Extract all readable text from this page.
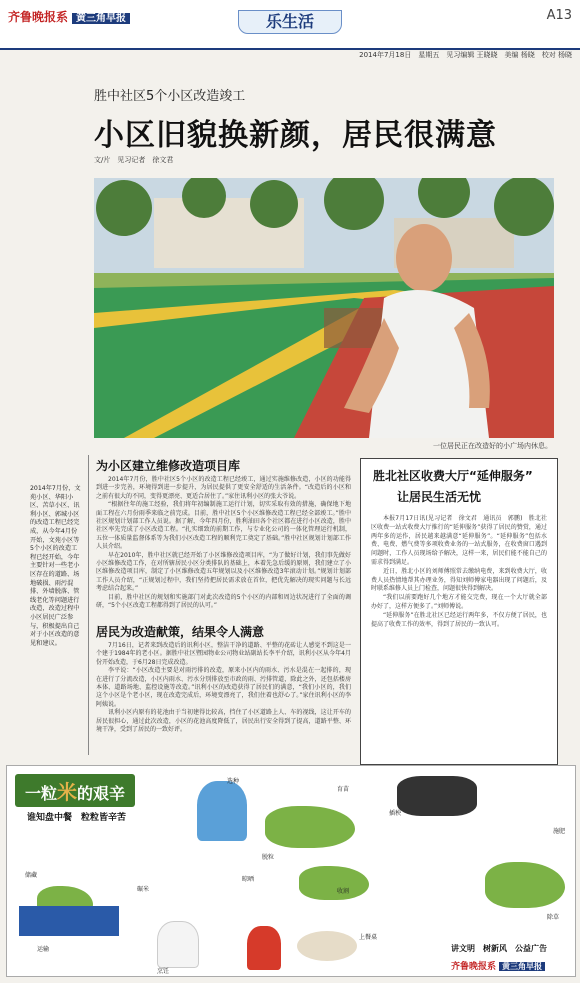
齐鲁晚报系 黄三角早报	乐生活	A13
2014年7月18日　星期五　见习编辑 王晓晓　美编 杨晓　校对 杨晓
胜中社区5个小区改造竣工
小区旧貌换新颜，居民很满意
文/片　见习记者　徐文君
一位居民正在改造好的小广场内休息。
2014年7月份，文苑小区、华阳小区、苦草小区、讯利小区、郭城小区的改造工程已经完成，从今年4月份开始，文苑小区等5个小区的改造工程已经开始，今年主要针对一些老小区存在的道路、场地破损、雨污混排、外墙脱落、管线老化等问题进行改造，改造过程中小区居民广泛参与，积极提出自己对于小区改造的意见和建议。
为小区建立维修改造项目库

2014年7月份，胜中社区5个小区的改造工程已经竣工，通过实施维修改造，小区的功能得到进一步完善，环境得到进一步提升，为居民提供了更安全舒适的生活条件。“改造后的小区和之前有很大的不同，变得更漂亮、更适合居住了。”家住讯利小区的张大爷说。

“根据往年的施工经验，我们将年初编制施工运行计划，切实采取有效的措施，确保地下地面工程在六月份雨季来临之前完成。目前，胜中社区5个小区维修改造工程已经全部竣工。”胜中社区规划计划部工作人员说。据了解，今年四月份，胜利油田各个社区都在进行小区改造，胜中社区率先完成了小区改造工程。“扎实细致的前期工作，与专业化公司的一体化管理运行机制，五位一体质量监督体系等为我们小区改造工程的顺利完工奠定了基础。”胜中社区规划计划部工作人员介绍。

早在2010年，胜中社区就已经开始了小区维修改造项目库，“为了做好计划，我们事先做好小区维修改造工作，在对所辖居民小区分类排队的基础上，本着先急后缓的原则，我们建立了小区维修改造项目库，制定了小区维修改造五年规划以及小区维修改造3年滚动计划。”规划计划部工作人员介绍，“正规划过程中，我们坚持把居民需求放在首位，把优先解决的现实问题与长远考虑结合起来。”

目前，胜中社区的规划和实施部门对此次改造的5个小区的内部和周边状况进行了全面的调研，“5个小区改造工程都得到了居民的认可。”

居民为改造献策，结果令人满意

7月16日，记者来到改造后的讯利小区，整洁干净的道路、平整的花砖让人感觉不到这是一个建于1984年的老小区。据胜中社区暨园物业公司物业站副站长李平介绍，讯利小区从今年4月份开始改造，于6月28日完成改造。

李平说：“小区改造主要是对雨污排的改造，原来小区内的雨水、污水是混在一起排的，现在进行了分流改造，小区内雨水、污水分别排放至市政的雨、污排管道，除此之外，还包括楼房本体、道路场地、监控设施等改造。”讯利小区的改造获得了居民们的满意，“我们小区的，我们这个小区是个老小区，现在改造完成后，环境变漂亮了，我们住着也舒心了。”家住讯利小区的李阿姨说。

讯利小区内原有的花池由于当初建得比较高，挡住了小区道路上人、车的视线，这让开车的居民很担心，通过此次改造，小区的花池高度降低了，居民出行安全得到了提高，道路平整、环境干净，受到了居民的一致好评。

胜北社区收费大厅“延伸服务”
让居民生活无忧

本报7月17日讯(见习记者　徐文君　通讯员　郭鹏)　胜北社区收费一站式收费大厅推行的“延伸服务”获得了居民的赞赏，通过两年多的运作，居民越来越满意“延伸服务”。“延伸服务”包括水费、电费、燃气费等多项收费业务的一站式服务，在收费窗口遇到问题时，工作人员现场给予解决，这样一来，居民们能不能自己的需求得到满足。

近日，胜北小区的刘师傅照常去缴纳电费，来到收费大厅，收费人员热情地帮其办理业务，得知刘师傅家电器出现了问题后，及时联系维修人员上门检查，问题很快得到解决。

“我们以前要跑好几个地方才能交完费，现在一个大厅就全部办好了，这样方便多了。”刘师傅说。

“延伸服务”在胜北社区已经运行两年多，不仅方便了居民，也提高了收费工作的效率，得到了居民的一致认可。

一粒米的艰辛
谁知盘中餐　粒粒皆辛苦
选种
育苗
插秧
施肥
除草
收割
脱粒
晾晒
储藏
碾米
运输
烹饪
上餐桌
讲文明　树新风　公益广告
齐鲁晚报系 黄三角早报
